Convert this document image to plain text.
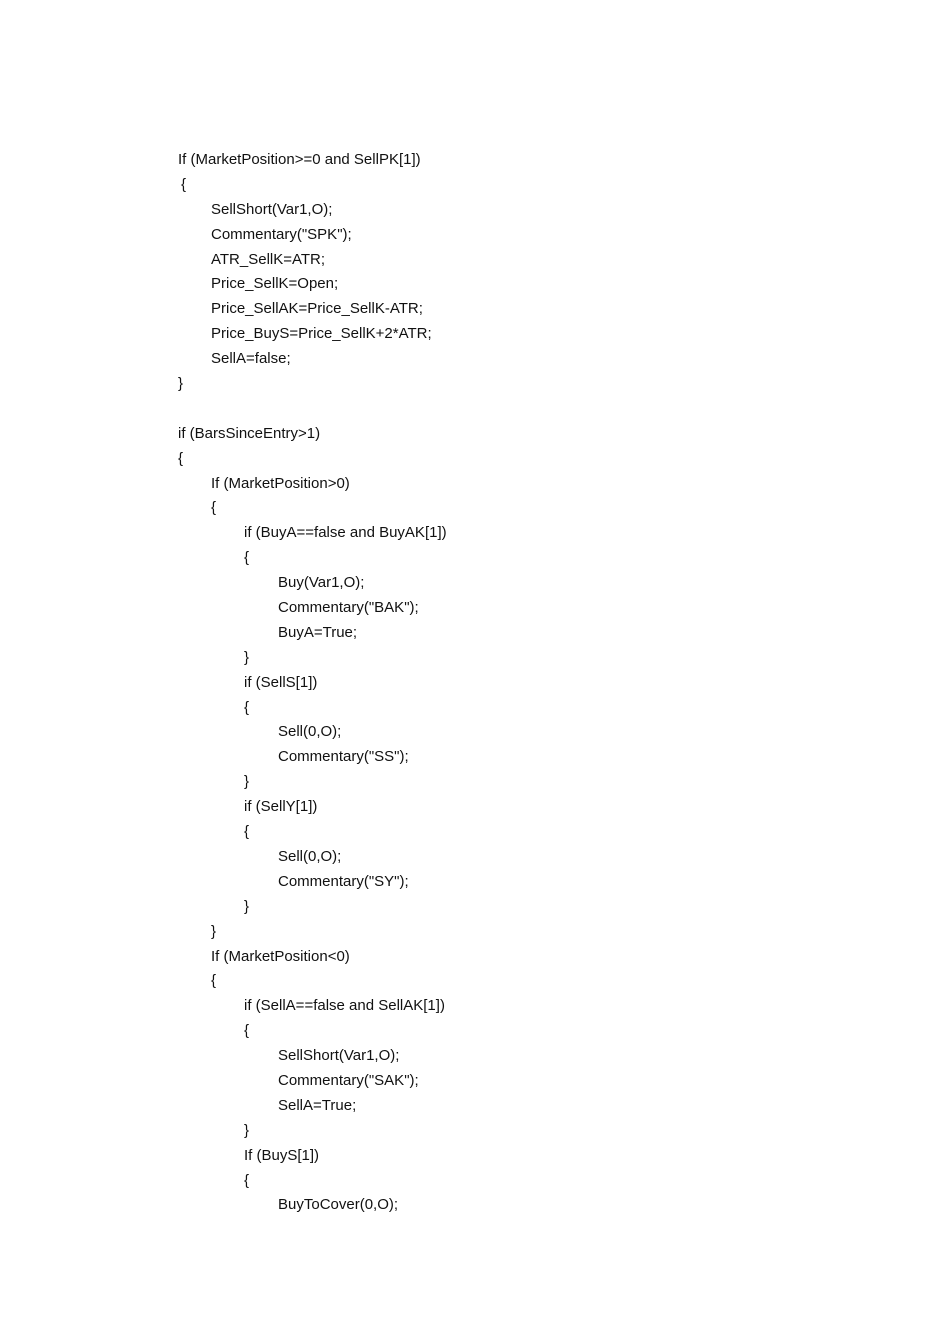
If (MarketPosition>=0 and SellPK[1])
{
SellShort(Var1,O);
Commentary("SPK");
ATR_SellK=ATR;
Price_SellK=Open;
Price_SellAK=Price_SellK-ATR;
Price_BuyS=Price_SellK+2*ATR;
SellA=false;
}
if (BarsSinceEntry>1)
{
If (MarketPosition>0)
{
if (BuyA==false and BuyAK[1])
{
Buy(Var1,O);
Commentary("BAK");
BuyA=True;
}
if (SellS[1])
{
Sell(0,O);
Commentary("SS");
}
if (SellY[1])
{
Sell(0,O);
Commentary("SY");
}
}
If (MarketPosition<0)
{
if (SellA==false and SellAK[1])
{
SellShort(Var1,O);
Commentary("SAK");
SellA=True;
}
If (BuyS[1])
{
BuyToCover(0,O);
